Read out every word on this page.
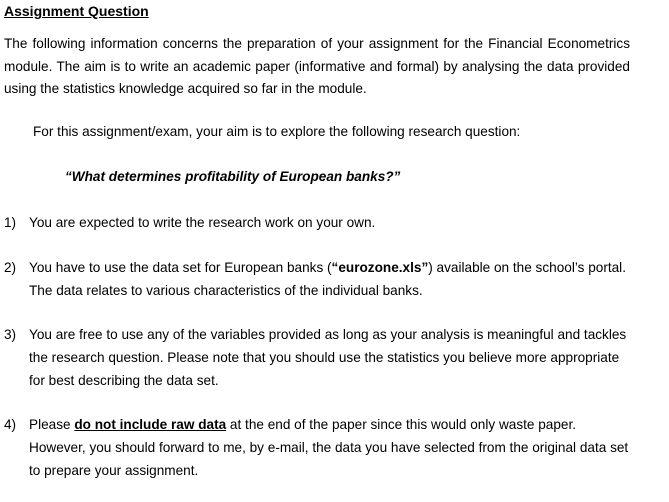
Assignment Question

The following information concerns the preparation of your assignment for the Financial Econometrics module. The aim is to write an academic paper (informative and formal) by analysing the data provided using the statistics knowledge acquired so far in the module.

For this assignment/exam, your aim is to explore the following research question:
“What determines profitability of European banks?”
1) You are expected to write the research work on your own.
2) You have to use the data set for European banks (“eurozone.xls”) available on the school’s portal. The data relates to various characteristics of the individual banks.
3) You are free to use any of the variables provided as long as your analysis is meaningful and tackles the research question. Please note that you should use the statistics you believe more appropriate for best describing the data set.
4) Please do not include raw data at the end of the paper since this would only waste paper. However, you should forward to me, by e-mail, the data you have selected from the original data set to prepare your assignment.
